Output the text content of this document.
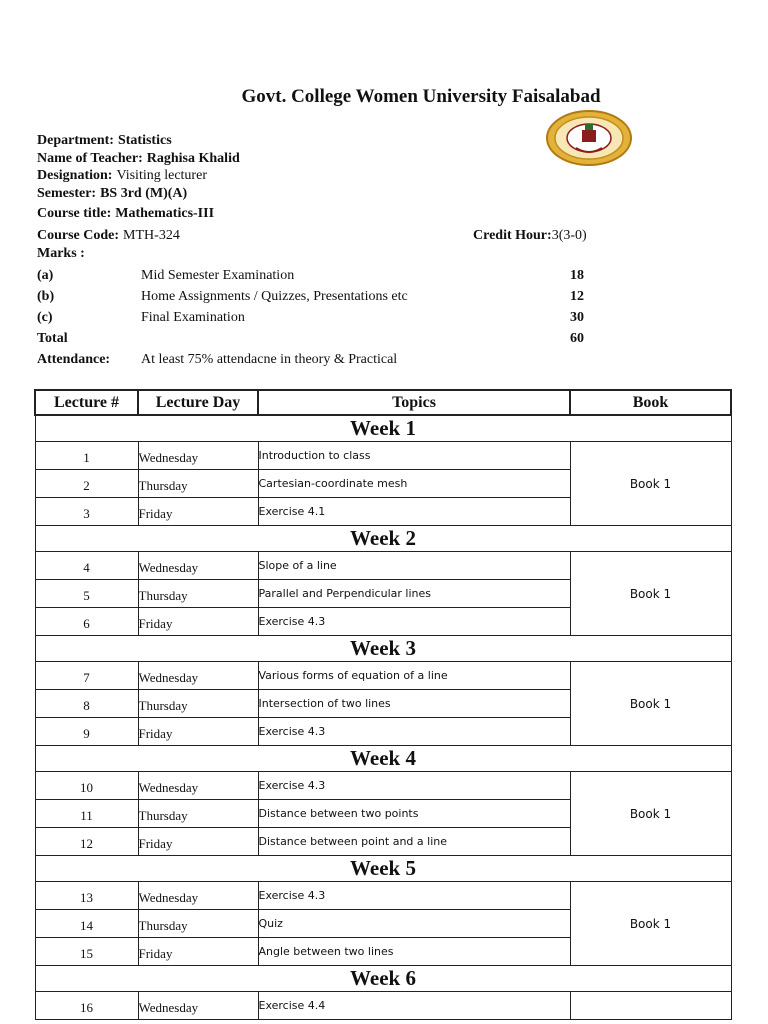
Govt. College Women University Faisalabad
Department: Statistics
Name of Teacher: Raghisa Khalid
Designation: Visiting lecturer
Semester: BS 3rd (M)(A)
Course title: Mathematics-III
Course Code: MTH-324	Credit Hour:3(3-0)
Marks :
(a)	Mid Semester Examination	18
(b)	Home Assignments / Quizzes, Presentations etc	12
(c)	Final Examination	30
Total	60
Attendance: At least 75% attendacne in theory & Practical
Lecture #	Lecture Day	Topics	Book
Week 1			
1	Wednesday	Introduction to class	Book 1
2	Thursday	Cartesian-coordinate mesh	
3	Friday	Exercise 4.1	
Week 2			
4	Wednesday	Slope of a line	Book 1
5	Thursday	Parallel and Perpendicular lines	
6	Friday	Exercise 4.3	
Week 3			
7	Wednesday	Various forms of equation of a line	Book 1
8	Thursday	Intersection of two lines	
9	Friday	Exercise 4.3	
Week 4			
10	Wednesday	Exercise 4.3	Book 1
11	Thursday	Distance between two points	
12	Friday	Distance between point and a line	
Week 5			
13	Wednesday	Exercise 4.3	Book 1
14	Thursday	Quiz	
15	Friday	Angle between two lines	
Week 6			
16	Wednesday	Exercise 4.4	
